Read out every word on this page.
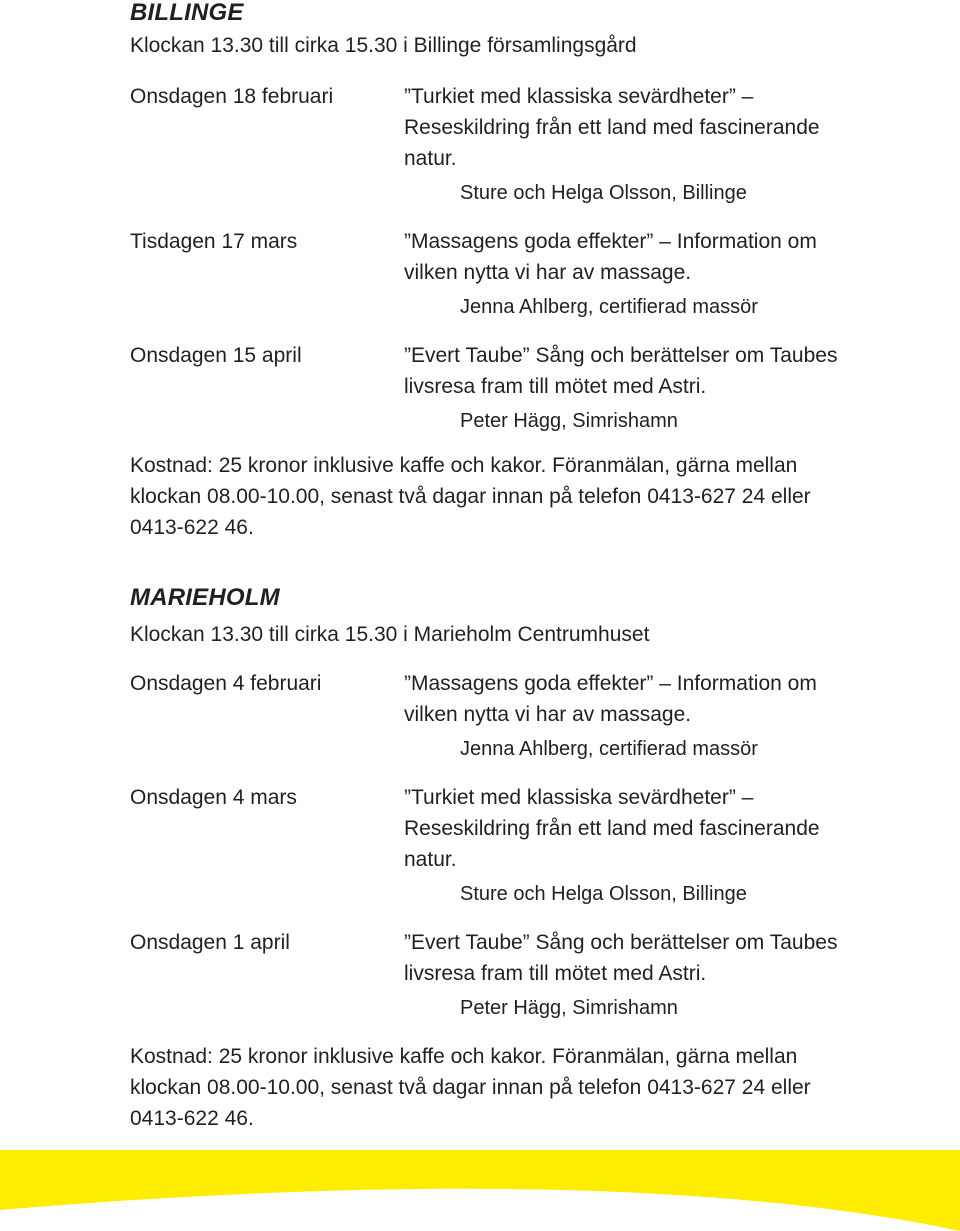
BILLINGE
Klockan 13.30 till cirka 15.30 i Billinge församlingsgård
Onsdagen 18 februari	”Turkiet med klassiska sevärdheter” – Reseskildring från ett land med fascinerande natur.

Sture och Helga Olsson, Billinge

Tisdagen 17 mars	”Massagens goda effekter” – Information om vilken nytta vi har av massage.

Jenna Ahlberg, certifierad massör

Onsdagen 15 april	”Evert Taube” Sång och berättelser om Taubes livsresa fram till mötet med Astri.

Peter Hägg, Simrishamn

Kostnad: 25 kronor inklusive kaffe och kakor. Föranmälan, gärna mellan klockan 08.00-10.00, senast två dagar innan på telefon 0413-627 24 eller 0413-622 46.
MARIEHOLM
Klockan 13.30 till cirka 15.30 i Marieholm Centrumhuset
Onsdagen 4 februari	”Massagens goda effekter” – Information om vilken nytta vi har av massage.

Jenna Ahlberg, certifierad massör

Onsdagen 4 mars	”Turkiet med klassiska sevärdheter” – Reseskildring från ett land med fascinerande natur.

Sture och Helga Olsson, Billinge

Onsdagen 1 april	”Evert Taube” Sång och berättelser om Taubes livsresa fram till mötet med Astri.

Peter Hägg, Simrishamn

Kostnad: 25 kronor inklusive kaffe och kakor. Föranmälan, gärna mellan klockan 08.00-10.00, senast två dagar innan på telefon 0413-627 24 eller 0413-622 46.
